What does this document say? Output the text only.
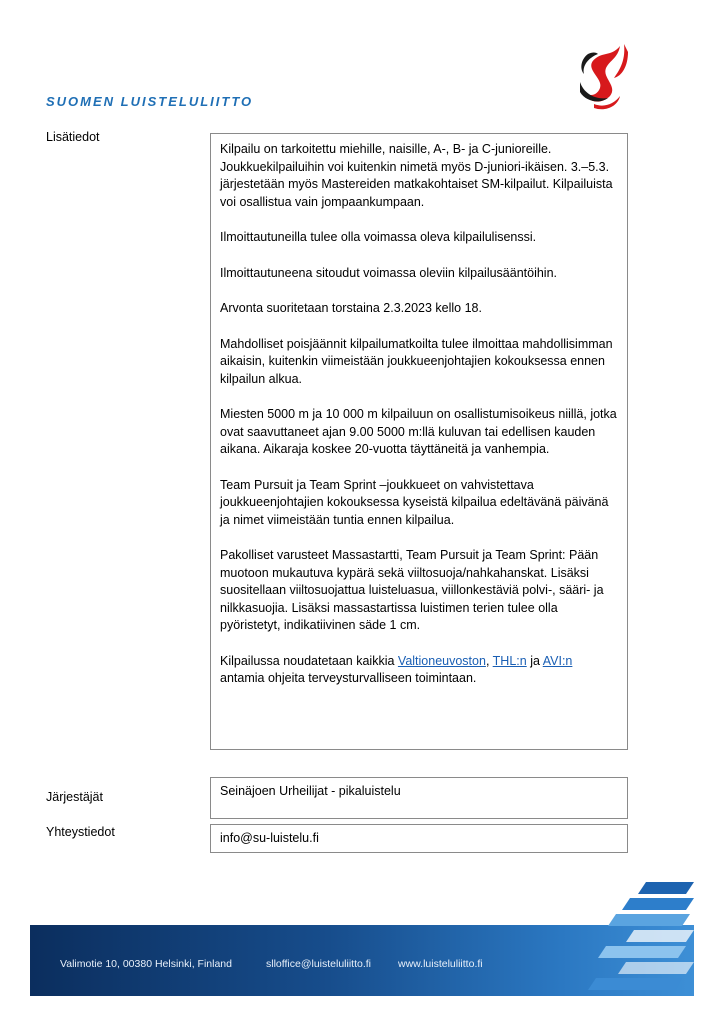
SUOMEN LUISTELULIITTO
Lisätiedot
Järjestäjät
Yhteystiedot

Kilpailu on tarkoitettu miehille, naisille, A-, B- ja C-junioreille. Joukkuekilpailuihin voi kuitenkin nimetä myös D-juniori-ikäisen. 3.–5.3. järjestetään myös Mastereiden matkakohtaiset SM-kilpailut. Kilpailuista voi osallistua vain jompaankumpaan.

Ilmoittautuneilla tulee olla voimassa oleva kilpailulisenssi.

Ilmoittautuneena sitoudut voimassa oleviin kilpailusääntöihin.

Arvonta suoritetaan torstaina 2.3.2023 kello 18.

Mahdolliset poisjäännit kilpailumatkoilta tulee ilmoittaa mahdollisimman aikaisin, kuitenkin viimeistään joukkueenjohtajien kokouksessa ennen kilpailun alkua.

Miesten 5000 m ja 10 000 m kilpailuun on osallistumisoikeus niillä, jotka ovat saavuttaneet ajan 9.00 5000 m:llä kuluvan tai edellisen kauden aikana. Aikaraja koskee 20-vuotta täyttäneitä ja vanhempia.

Team Pursuit ja Team Sprint –joukkueet on vahvistettava joukkueenjohtajien kokouksessa kyseistä kilpailua edeltävänä päivänä ja nimet viimeistään tuntia ennen kilpailua.

Pakolliset varusteet Massastartti, Team Pursuit ja Team Sprint: Pään muotoon mukautuva kypärä sekä viiltosuoja/nahkahanskat. Lisäksi suositellaan viiltosuojattua luisteluasua, viillonkestäviä polvi-, sääri- ja nilkkasuojia. Lisäksi massastartissa luistimen terien tulee olla pyöristetyt, indikatiivinen säde 1 cm.

Kilpailussa noudatetaan kaikkia Valtioneuvoston, THL:n ja AVI:n antamia ohjeita terveysturvalliseen toimintaan.

Seinäjoen Urheilijat - pikaluistelu
info@su-luistelu.fi
Valimotie 10, 00380 Helsinki, Finland	slloffice@luisteluliitto.fi	www.luisteluliitto.fi
